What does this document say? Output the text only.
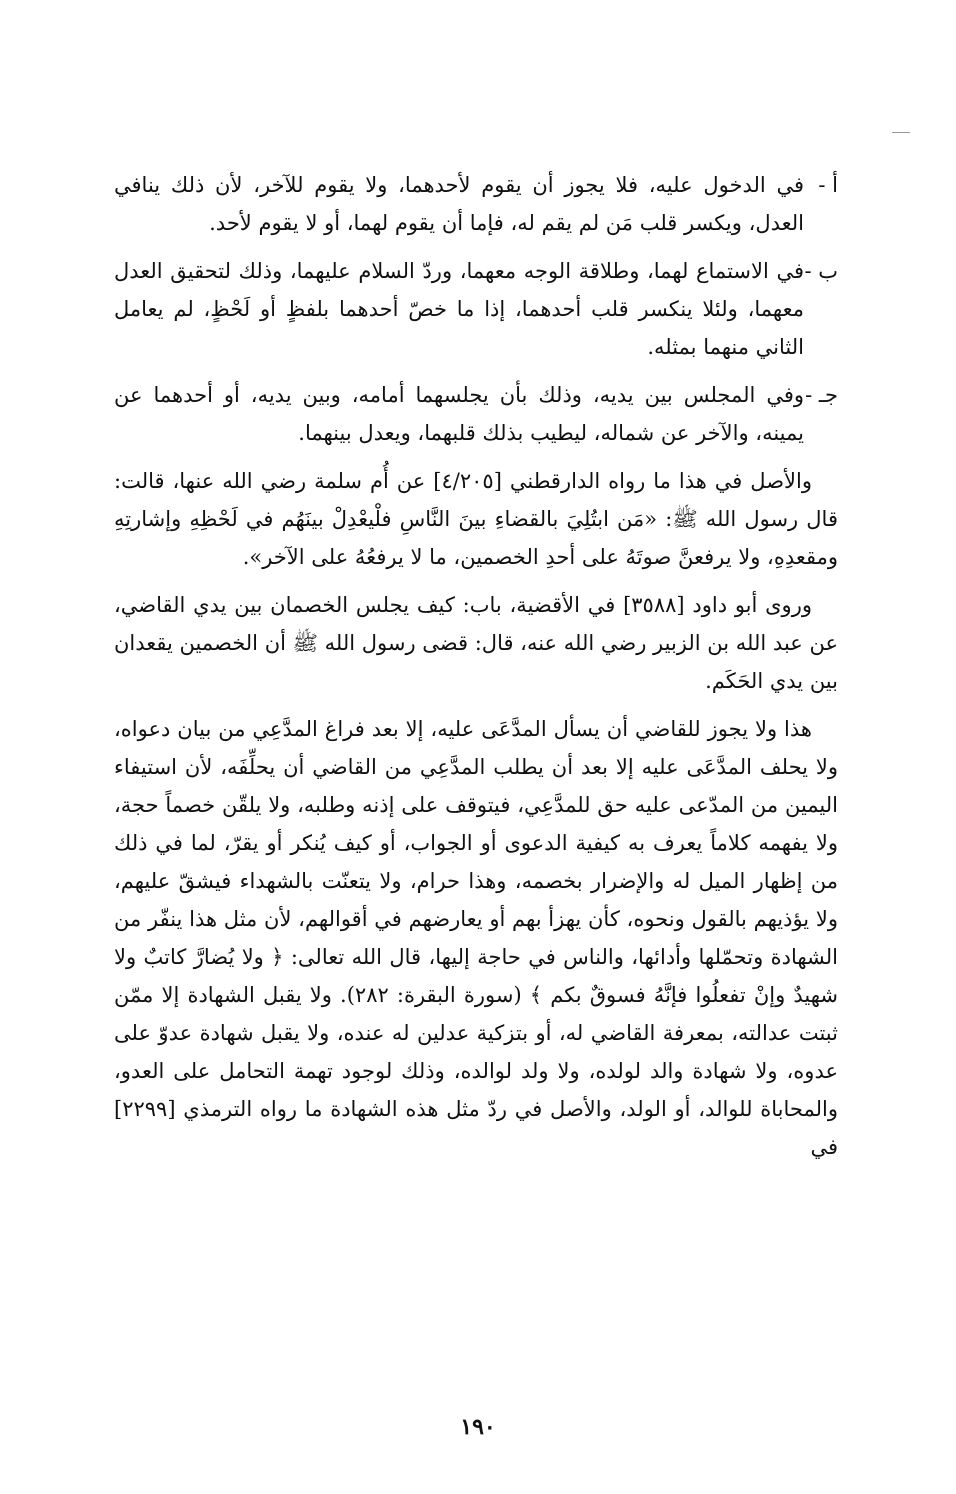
أ -

في الدخول عليه، فلا يجوز أن يقوم لأحدهما، ولا يقوم للآخر، لأن ذلك ينافي العدل، ويكسر قلب مَن لم يقم له، فإما أن يقوم لهما، أو لا يقوم لأحد.

ب -

في الاستماع لهما، وطلاقة الوجه معهما، وردّ السلام عليهما، وذلك لتحقيق العدل معهما، ولئلا ينكسر قلب أحدهما، إذا ما خصّ أحدهما بلفظٍ أو لَحْظٍ، لم يعامل الثاني منهما بمثله.

جـ -

وفي المجلس بين يديه، وذلك بأن يجلسهما أمامه، وبين يديه، أو أحدهما عن يمينه، والآخر عن شماله، ليطيب بذلك قلبهما، ويعدل بينهما.

والأصل في هذا ما رواه الدارقطني [٤/٢٠٥] عن أُم سلمة رضي الله عنها، قالت: قال رسول الله ﷺ: «مَن ابتُلِيَ بالقضاءِ بينَ النَّاسِ فلْيعْدِلْ بينَهُم في لَحْظِهِ وإشارتِهِ ومقعدِهِ، ولا يرفعنَّ صوتَهُ على أحدِ الخصمين، ما لا يرفعُهُ على الآخر».

وروى أبو داود [٣٥٨٨] في الأقضية، باب: كيف يجلس الخصمان بين يدي القاضي، عن عبد الله بن الزبير رضي الله عنه، قال: قضى رسول الله ﷺ أن الخصمين يقعدان بين يدي الحَكَم.

هذا ولا يجوز للقاضي أن يسأل المدَّعَى عليه، إلا بعد فراغ المدَّعِي من بيان دعواه، ولا يحلف المدَّعَى عليه إلا بعد أن يطلب المدَّعِي من القاضي أن يحلِّفَه، لأن استيفاء اليمين من المدّعى عليه حق للمدَّعِي، فيتوقف على إذنه وطلبه، ولا يلقّن خصماً حجة، ولا يفهمه كلاماً يعرف به كيفية الدعوى أو الجواب، أو كيف يُنكر أو يقرّ، لما في ذلك من إظهار الميل له والإضرار بخصمه، وهذا حرام، ولا يتعنّت بالشهداء فيشقّ عليهم، ولا يؤذيهم بالقول ونحوه، كأن يهزأ بهم أو يعارضهم في أقوالهم، لأن مثل هذا ينفّر من الشهادة وتحمّلها وأدائها، والناس في حاجة إليها، قال الله تعالى: ﴿ ولا يُضارَّ كاتبٌ ولا شهيدٌ وإنْ تفعلُوا فإنَّهُ فسوقٌ بكم ﴾ (سورة البقرة: ٢٨٢). ولا يقبل الشهادة إلا ممّن ثبتت عدالته، بمعرفة القاضي له، أو بتزكية عدلين له عنده، ولا يقبل شهادة عدوّ على عدوه، ولا شهادة والد لولده، ولا ولد لوالده، وذلك لوجود تهمة التحامل على العدو، والمحاباة للوالد، أو الولد، والأصل في ردّ مثل هذه الشهادة ما رواه الترمذي [٢٢٩٩] في

١٩٠
